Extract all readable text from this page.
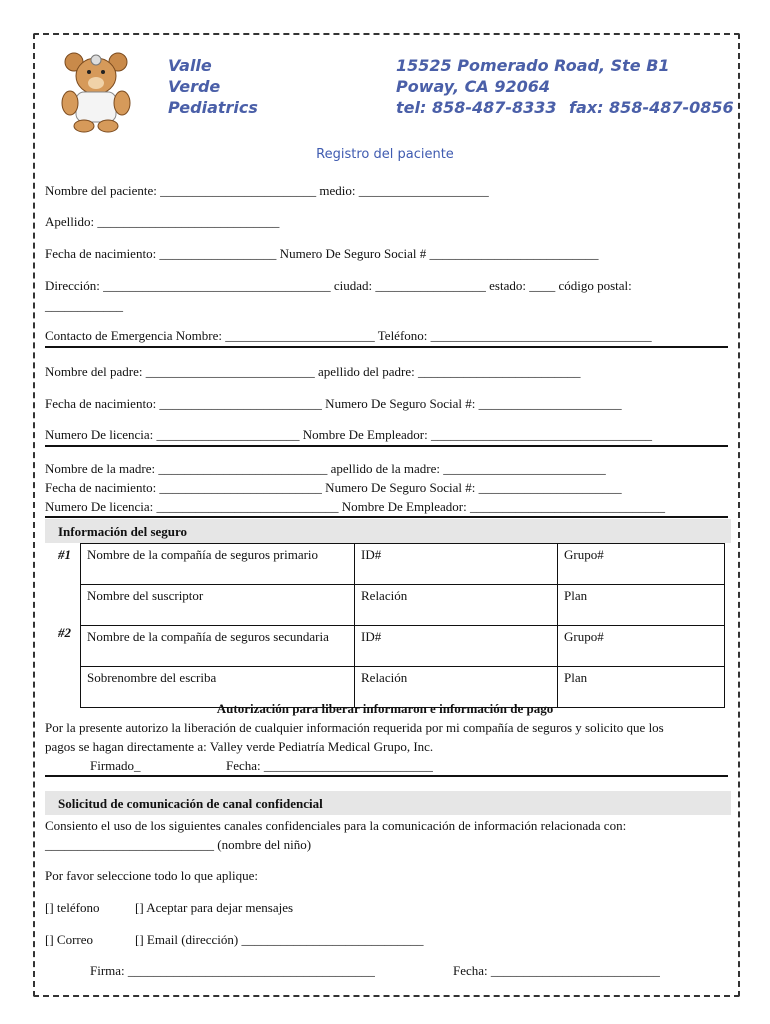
Valle
Verde
Pediatrics
15525 Pomerado Road, Ste B1
Poway, CA 92064
tel: 858-487-8333 fax: 858-487-0856
Registro del paciente
Nombre del paciente: ________________________ medio: ____________________
Apellido: ____________________________
Fecha de nacimiento: __________________ Numero De Seguro Social # __________________________
Dirección: ___________________________________ ciudad: _________________ estado: ____ código postal:
____________
Contacto de Emergencia Nombre: _______________________ Teléfono: __________________________________
Nombre del padre: __________________________ apellido del padre: _________________________
Fecha de nacimiento: _________________________ Numero De Seguro Social #: ______________________
Numero De licencia: ______________________ Nombre De Empleador: __________________________________
Nombre de la madre: __________________________ apellido de la madre: _________________________
Fecha de nacimiento: _________________________ Numero De Seguro Social #: ______________________
Numero De licencia: ____________________________ Nombre De Empleador: ______________________________
Información del seguro
#1
#2
Nombre de la compañía de seguros primario	ID#	Grupo#
Nombre del suscriptor	Relación	Plan
Nombre de la compañía de seguros secundaria	ID#	Grupo#
Sobrenombre del escriba	Relación	Plan
Autorización para liberar informaron e información de pago
Por la presente autorizo la liberación de cualquier información requerida por mi compañía de seguros y solicito que los
pagos se hagan directamente a: Valley verde Pediatría Medical Grupo, Inc.
Firmado_	Fecha: __________________________
Solicitud de comunicación de canal confidencial
Consiento el uso de los siguientes canales confidenciales para la comunicación de información relacionada con:
__________________________ (nombre del niño)
Por favor seleccione todo lo que aplique:
[] teléfono	[] Aceptar para dejar mensajes
[] Correo	[] Email (dirección) ____________________________
Firma: ______________________________________	Fecha: __________________________
